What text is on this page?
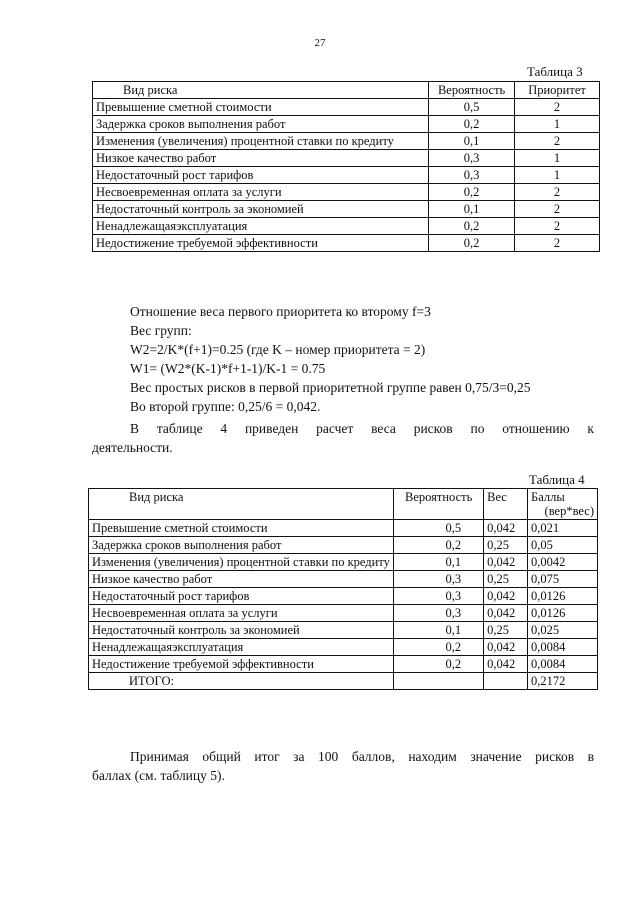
27
Таблица 3
Вид риска	Вероятность	Приоритет
Превышение сметной стоимости	0,5	2
Задержка сроков выполнения работ	0,2	1
Изменения (увеличения) процентной ставки по кредиту	0,1	2
Низкое качество работ	0,3	1
Недостаточный рост тарифов	0,3	1
Несвоевременная оплата за услуги	0,2	2
Недостаточный контроль за экономией	0,1	2
Ненадлежащаяэксплуатация	0,2	2
Недостижение требуемой эффективности	0,2	2

Отношение веса первого приоритета ко второму f=3

Вес групп:

W2=2/K*(f+1)=0.25 (где K – номер приоритета = 2)

W1= (W2*(K-1)*f+1-1)/K-1 = 0.75

Вес простых рисков в первой приоритетной группе равен 0,75/3=0,25

Во второй группе: 0,25/6 = 0,042.

В таблице 4 приведен расчет веса рисков по отношению к

деятельности.

Таблица 4
Вид риска	Вероятность	Вес	Баллы
(вер*вес)

Превышение сметной стоимости	0,5	0,042	0,021
Задержка сроков выполнения работ	0,2	0,25	0,05
Изменения (увеличения) процентной ставки по кредиту	0,1	0,042	0,0042
Низкое качество работ	0,3	0,25	0,075
Недостаточный рост тарифов	0,3	0,042	0,0126
Несвоевременная оплата за услуги	0,3	0,042	0,0126
Недостаточный контроль за экономией	0,1	0,25	0,025
Ненадлежащаяэксплуатация	0,2	0,042	0,0084
Недостижение требуемой эффективности	0,2	0,042	0,0084
ИТОГО:			0,2172

Принимая общий итог за 100 баллов, находим значение рисков в

баллах (см. таблицу 5).
